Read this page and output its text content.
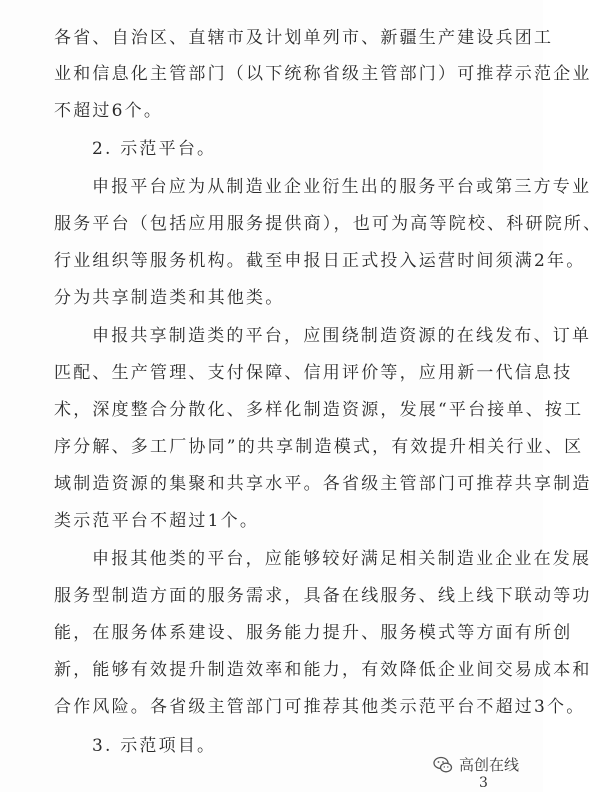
各省、自治区、直辖市及计划单列市、新疆生产建设兵团工
业和信息化主管部门（以下统称省级主管部门）可推荐示范企业
不超过6个。
2. 示范平台。
申报平台应为从制造业企业衍生出的服务平台或第三方专业
服务平台（包括应用服务提供商），也可为高等院校、科研院所、
行业组织等服务机构。截至申报日正式投入运营时间须满2年。
分为共享制造类和其他类。
申报共享制造类的平台，应围绕制造资源的在线发布、订单
匹配、生产管理、支付保障、信用评价等，应用新一代信息技
术，深度整合分散化、多样化制造资源，发展“平台接单、按工
序分解、多工厂协同”的共享制造模式，有效提升相关行业、区
域制造资源的集聚和共享水平。各省级主管部门可推荐共享制造
类示范平台不超过1个。
申报其他类的平台，应能够较好满足相关制造业企业在发展
服务型制造方面的服务需求，具备在线服务、线上线下联动等功
能，在服务体系建设、服务能力提升、服务模式等方面有所创
新，能够有效提升制造效率和能力，有效降低企业间交易成本和
合作风险。各省级主管部门可推荐其他类示范平台不超过3个。
3. 示范项目。
3
高创在线
